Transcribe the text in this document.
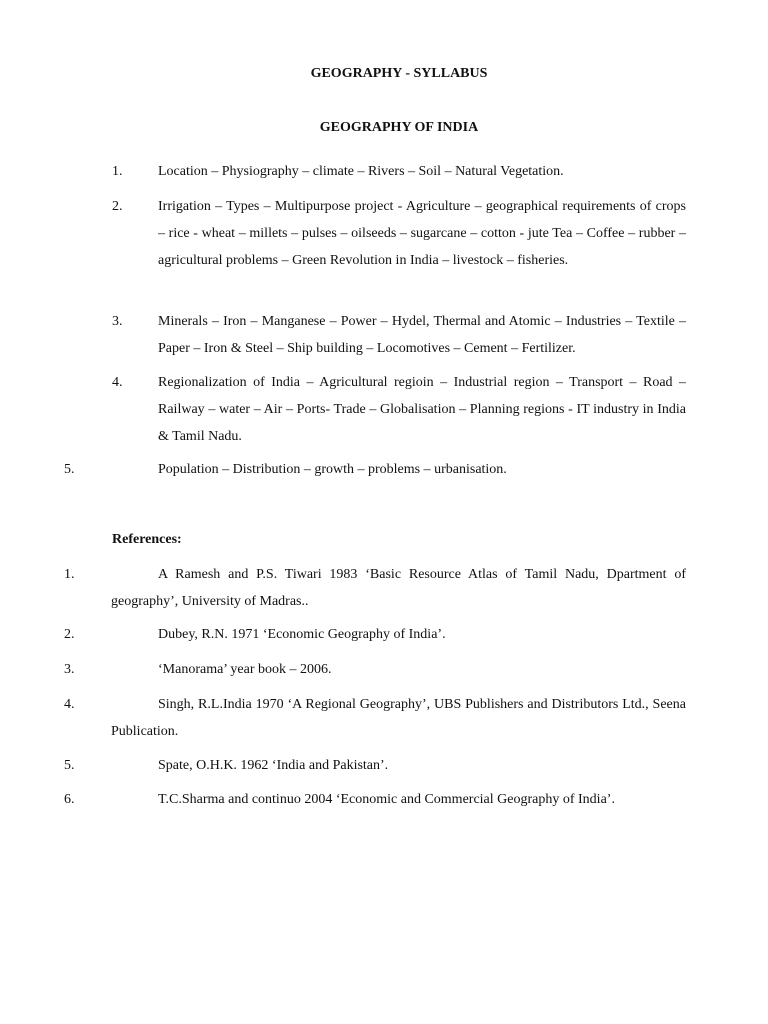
GEOGRAPHY - SYLLABUS
GEOGRAPHY OF INDIA
1.	Location – Physiography – climate – Rivers – Soil – Natural Vegetation.
2.	Irrigation – Types – Multipurpose project - Agriculture – geographical requirements of crops – rice - wheat – millets – pulses – oilseeds – sugarcane – cotton - jute Tea – Coffee – rubber – agricultural problems – Green Revolution in India – livestock – fisheries.
3.	Minerals – Iron – Manganese – Power – Hydel, Thermal and Atomic – Industries – Textile – Paper – Iron & Steel – Ship building – Locomotives – Cement – Fertilizer.
4.	Regionalization of India – Agricultural regioin – Industrial region – Transport – Road – Railway – water – Air – Ports- Trade – Globalisation – Planning regions - IT industry in India & Tamil Nadu.
5.	Population – Distribution – growth – problems – urbanisation.
References:
1.	A Ramesh and P.S. Tiwari 1983 ‘Basic Resource Atlas of Tamil Nadu, Dpartment of geography’, University of Madras..
2.	Dubey, R.N. 1971 ‘Economic Geography of India’.
3.	‘Manorama’ year book – 2006.
4.	Singh, R.L.India 1970 ‘A Regional Geography’, UBS Publishers and Distributors Ltd., Seena Publication.
5.	Spate, O.H.K. 1962 ‘India and Pakistan’.
6.	T.C.Sharma and continuo 2004 ‘Economic and Commercial Geography of India’.
